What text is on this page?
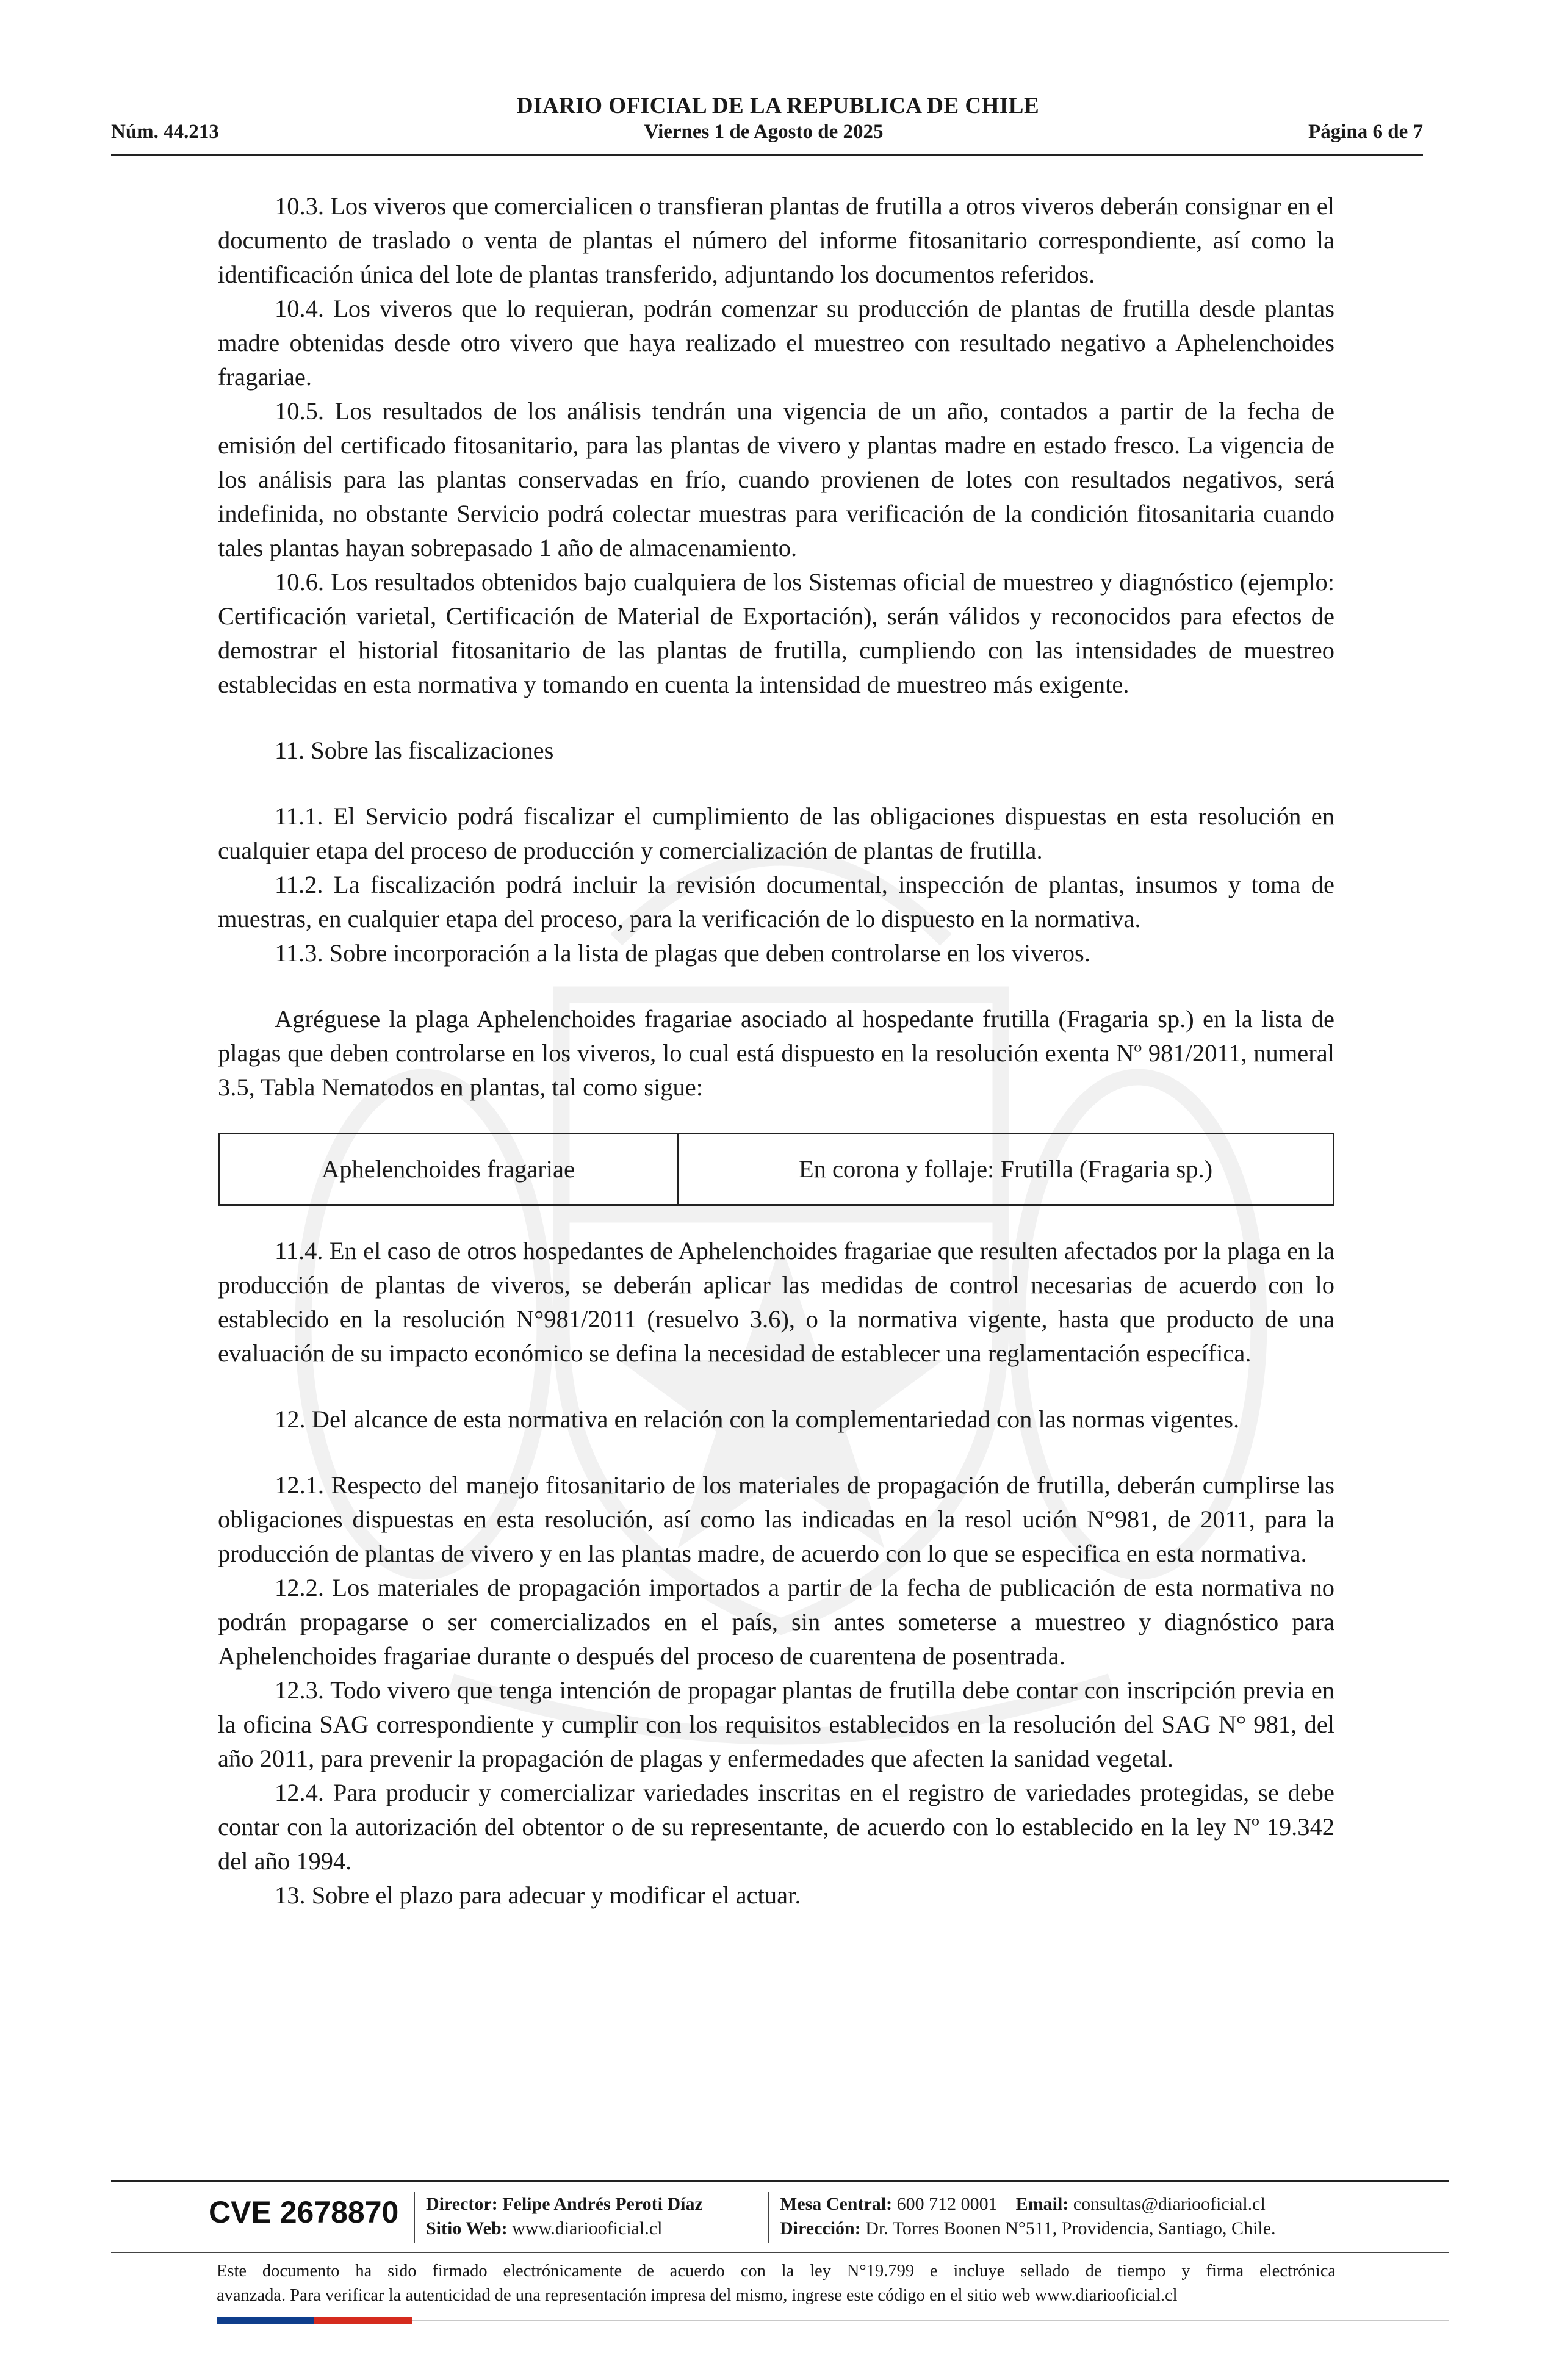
DIARIO OFICIAL DE LA REPUBLICA DE CHILE
Núm. 44.213	Viernes 1 de Agosto de 2025	Página 6 de 7

10.3. Los viveros que comercialicen o transfieran plantas de frutilla a otros viveros deberán consignar en el documento de traslado o venta de plantas el número del informe fitosanitario correspondiente, así como la identificación única del lote de plantas transferido, adjuntando los documentos referidos.

10.4. Los viveros que lo requieran, podrán comenzar su producción de plantas de frutilla desde plantas madre obtenidas desde otro vivero que haya realizado el muestreo con resultado negativo a Aphelenchoides fragariae.

10.5. Los resultados de los análisis tendrán una vigencia de un año, contados a partir de la fecha de emisión del certificado fitosanitario, para las plantas de vivero y plantas madre en estado fresco. La vigencia de los análisis para las plantas conservadas en frío, cuando provienen de lotes con resultados negativos, será indefinida, no obstante Servicio podrá colectar muestras para verificación de la condición fitosanitaria cuando tales plantas hayan sobrepasado 1 año de almacenamiento.

10.6. Los resultados obtenidos bajo cualquiera de los Sistemas oficial de muestreo y diagnóstico (ejemplo: Certificación varietal, Certificación de Material de Exportación), serán válidos y reconocidos para efectos de demostrar el historial fitosanitario de las plantas de frutilla, cumpliendo con las intensidades de muestreo establecidas en esta normativa y tomando en cuenta la intensidad de muestreo más exigente.

11. Sobre las fiscalizaciones

11.1. El Servicio podrá fiscalizar el cumplimiento de las obligaciones dispuestas en esta resolución en cualquier etapa del proceso de producción y comercialización de plantas de frutilla.

11.2. La fiscalización podrá incluir la revisión documental, inspección de plantas, insumos y toma de muestras, en cualquier etapa del proceso, para la verificación de lo dispuesto en la normativa.

11.3. Sobre incorporación a la lista de plagas que deben controlarse en los viveros.

Agréguese la plaga Aphelenchoides fragariae asociado al hospedante frutilla (Fragaria sp.) en la lista de plagas que deben controlarse en los viveros, lo cual está dispuesto en la resolución exenta Nº 981/2011, numeral 3.5, Tabla Nematodos en plantas, tal como sigue:

Aphelenchoides fragariae	En corona y follaje: Frutilla (Fragaria sp.)

11.4. En el caso de otros hospedantes de Aphelenchoides fragariae que resulten afectados por la plaga en la producción de plantas de viveros, se deberán aplicar las medidas de control necesarias de acuerdo con lo establecido en la resolución N°981/2011 (resuelvo 3.6), o la normativa vigente, hasta que producto de una evaluación de su impacto económico se defina la necesidad de establecer una reglamentación específica.

12. Del alcance de esta normativa en relación con la complementariedad con las normas vigentes.

12.1. Respecto del manejo fitosanitario de los materiales de propagación de frutilla, deberán cumplirse las obligaciones dispuestas en esta resolución, así como las indicadas en la resol ución N°981, de 2011, para la producción de plantas de vivero y en las plantas madre, de acuerdo con lo que se especifica en esta normativa.

12.2. Los materiales de propagación importados a partir de la fecha de publicación de esta normativa no podrán propagarse o ser comercializados en el país, sin antes someterse a muestreo y diagnóstico para Aphelenchoides fragariae durante o después del proceso de cuarentena de posentrada.

12.3. Todo vivero que tenga intención de propagar plantas de frutilla debe contar con inscripción previa en la oficina SAG correspondiente y cumplir con los requisitos establecidos en la resolución del SAG N° 981, del año 2011, para prevenir la propagación de plagas y enfermedades que afecten la sanidad vegetal.

12.4. Para producir y comercializar variedades inscritas en el registro de variedades protegidas, se debe contar con la autorización del obtentor o de su representante, de acuerdo con lo establecido en la ley Nº 19.342 del año 1994.

13. Sobre el plazo para adecuar y modificar el actuar.

CVE 2678870 Director: Felipe Andrés Peroti Díaz
Sitio Web: www.diariooficial.cl
Mesa Central: 600 712 0001 Email: consultas@diariooficial.cl
Dirección: Dr. Torres Boonen N°511, Providencia, Santiago, Chile.
Este documento ha sido firmado electrónicamente de acuerdo con la ley N°19.799 e incluye sellado de tiempo y firma electrónica
avanzada. Para verificar la autenticidad de una representación impresa del mismo, ingrese este código en el sitio web www.diariooficial.cl
